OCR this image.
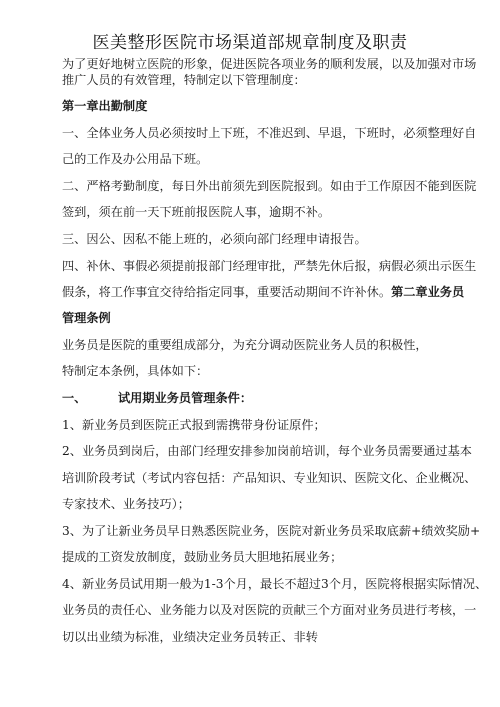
医美整形医院市场渠道部规章制度及职责
为了更好地树立医院的形象，促进医院各项业务的顺利发展，以及加强对市场
推广人员的有效管理，特制定以下管理制度：
第一章出勤制度
一、全体业务人员必须按时上下班，不准迟到、早退，下班时，必须整理好自
己的工作及办公用品下班。
二、严格考勤制度，每日外出前须先到医院报到。如由于工作原因不能到医院
签到，须在前一天下班前报医院人事，逾期不补。
三、因公、因私不能上班的，必须向部门经理申请报告。
四、补休、事假必须提前报部门经理审批，严禁先休后报，病假必须出示医生
假条，将工作事宜交待给指定同事，重要活动期间不许补休。第二章业务员
管理条例
业务员是医院的重要组成部分，为充分调动医院业务人员的积极性，
特制定本条例，具体如下：
一、	试用期业务员管理条件：
1、新业务员到医院正式报到需携带身份证原件；
2、业务员到岗后，由部门经理安排参加岗前培训，每个业务员需要通过基本
培训阶段考试（考试内容包括：产品知识、专业知识、医院文化、企业概况、
专家技术、业务技巧）；
3、为了让新业务员早日熟悉医院业务，医院对新业务员采取底薪+绩效奖励+
提成的工资发放制度，鼓励业务员大胆地拓展业务；
4、新业务员试用期一般为1-3个月，最长不超过3个月，医院将根据实际情况、
业务员的责任心、业务能力以及对医院的贡献三个方面对业务员进行考核，一
切以出业绩为标准，业绩决定业务员转正、非转
